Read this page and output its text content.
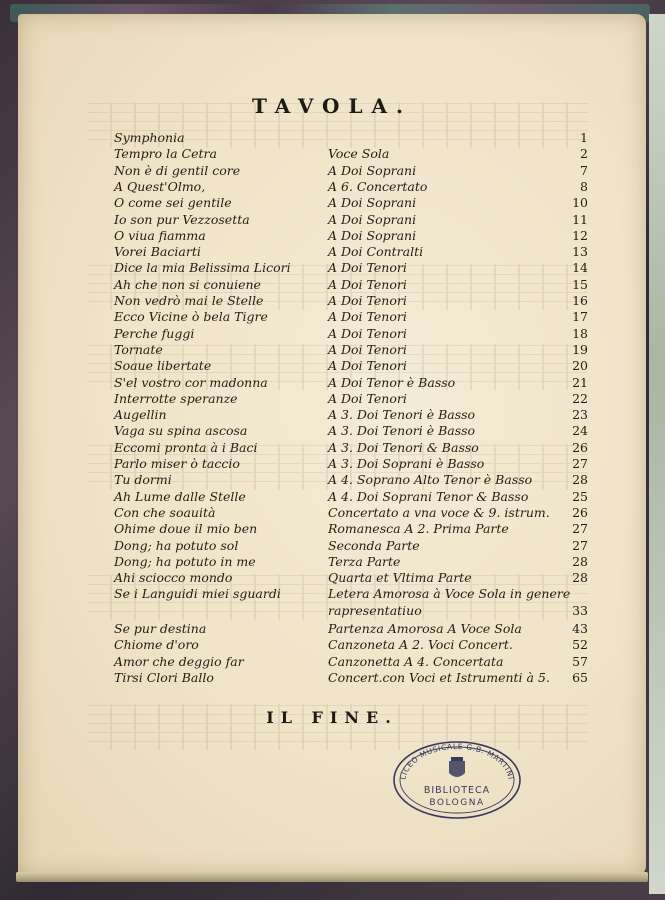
TAVOLA.
Symphonia	1
Tempro la Cetra	Voce Sola	2
Non è di gentil core	A Doi Soprani	7
A Quest'Olmo,	A 6. Concertato	8
O come sei gentile	A Doi Soprani	10
Io son pur Vezzosetta	A Doi Soprani	11
O viua fiamma	A Doi Soprani	12
Vorei Baciarti	A Doi Contralti	13
Dice la mia Belissima Licori	A Doi Tenori	14
Ah che non si conuiene	A Doi Tenori	15
Non vedrò mai le Stelle	A Doi Tenori	16
Ecco Vicine ò bela Tigre	A Doi Tenori	17
Perche fuggi	A Doi Tenori	18
Tornate	A Doi Tenori	19
Soaue libertate	A Doi Tenori	20
S'el vostro cor madonna	A Doi Tenor è Basso	21
Interrotte speranze	A Doi Tenori	22
Augellin	A 3. Doi Tenori è Basso	23
Vaga su spina ascosa	A 3. Doi Tenori è Basso	24
Eccomi pronta à i Baci	A 3. Doi Tenori & Basso	26
Parlo miser ò taccio	A 3. Doi Soprani è Basso	27
Tu dormi	A 4. Soprano Alto Tenor è Basso	28
Ah Lume dalle Stelle	A 4. Doi Soprani Tenor & Basso	25
Con che soauità	Concertato a vna voce & 9. istrum.	26
Ohime doue il mio ben	Romanesca A 2. Prima Parte	27
Dong; ha potuto sol	Seconda Parte	27
Dong; ha potuto in me	Terza Parte	28
Ahi sciocco mondo	Quarta et Vltima Parte	28
Se i Languidi miei sguardi	Letera Amorosa à Voce Sola in genere
rapresentatiuo	33
Se pur destina	Partenza Amorosa A Voce Sola	43
Chiome d'oro	Canzoneta A 2. Voci Concert.	52
Amor che deggio far	Canzonetta A 4. Concertata	57
Tirsi Clori Ballo	Concert.con Voci et Istrumenti à 5.	65
IL FINE.
LICEO MUSICALE G.B. MARTINI
BIBLIOTECA
BOLOGNA
